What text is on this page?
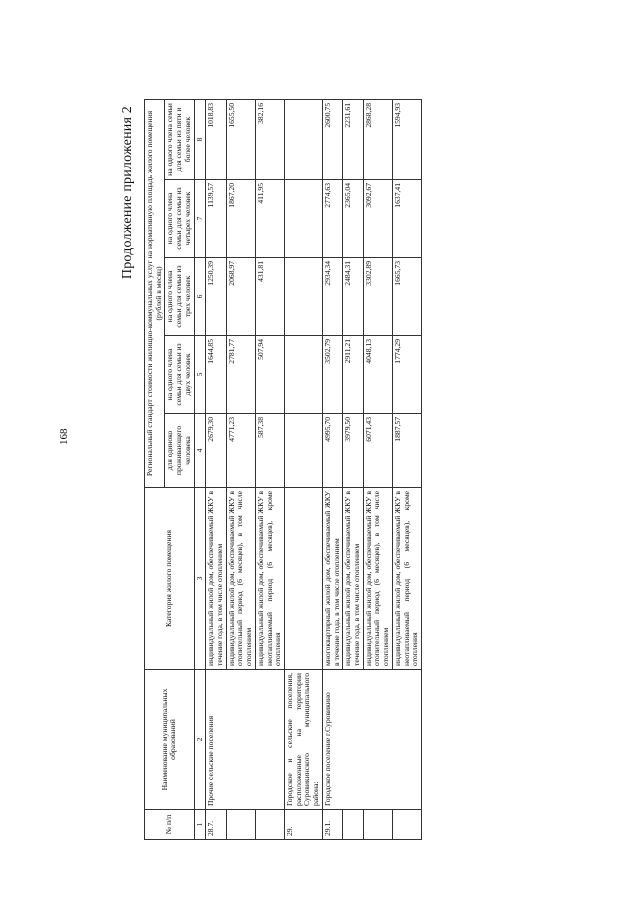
168
Продолжение приложения 2
№ п/п	Наименование муниципальных образований	Категория жилого помещения	Региональный стандарт стоимости жилищно-коммунальных услуг на нормативную площадь жилого помещения (рублей в месяц)				
			для одиноко проживающего человека	на одного члена семьи для семьи из двух человек	на одного члена семьи для семьи из трех человек	на одного члена семьи для семьи из четырех человек	на одного члена семьи для семьи из пяти и более человек
1	2	3	4	5	6	7	8
28.7.	Прочие сельские поселения	индивидуальный жилой дом, обеспечиваемый ЖКУ в течение года, в том числе отоплением	2679,30	1644,85	1250,39	1139,57	1018,83
		индивидуальный жилой дом, обеспечиваемый ЖКУ в отопительный период (6 месяцев), в том числе отоплением	4771,23	2781,77	2068,97	1867,20	1655,50
		индивидуальный жилой дом, обеспечиваемый ЖКУ в неотапливаемый период (6 месяцев), кроме отопления	587,38	507,94	431,81	411,95	382,16
29.	Городское и сельские поселения, расположенные на территории Суровикинского муниципального района:						
29.1.	Городское поселение г.Суровикино	многоквартирный жилой дом, обеспечиваемый ЖКУ в течение года, в том числе отоплением	4995,70	3502,79	2934,34	2774,63	2600,75
		индивидуальный жилой дом, обеспечиваемый ЖКУ в течение года, в том числе отоплением	3979,50	2911,21	2484,31	2365,04	2231,61
		индивидуальный жилой дом, обеспечиваемый ЖКУ в отопительный период (6 месяцев), в том числе отоплением	6071,43	4048,13	3302,89	3092,67	2868,28
		индивидуальный жилой дом, обеспечиваемый ЖКУ в неотапливаемый период (6 месяцев), кроме отопления	1887,57	1774,29	1665,73	1637,41	1594,93
